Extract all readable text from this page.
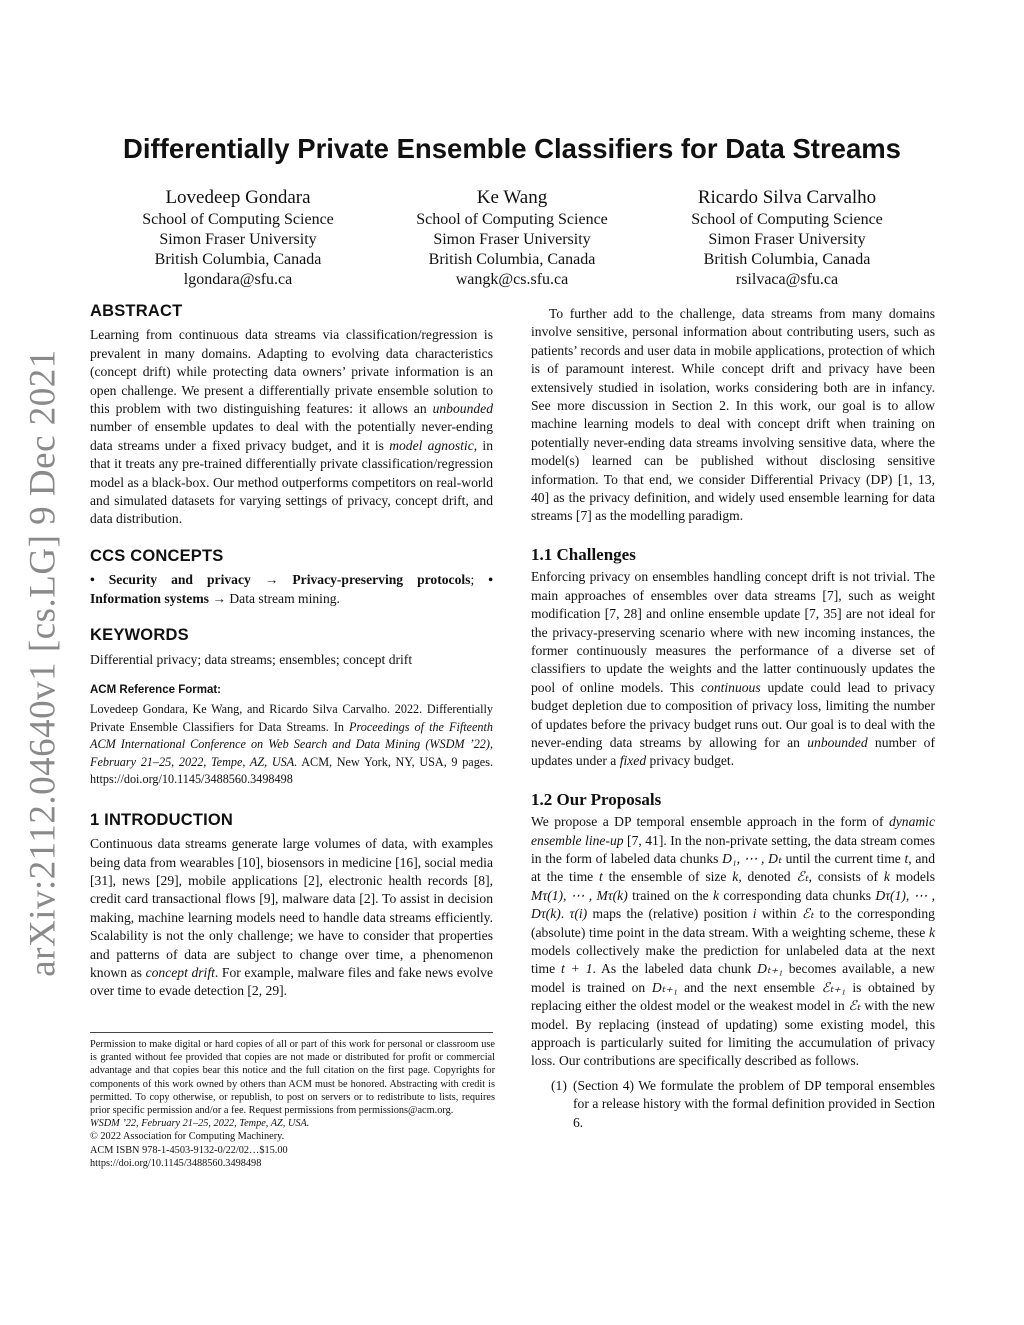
arXiv:2112.04640v1 [cs.LG] 9 Dec 2021
Differentially Private Ensemble Classifiers for Data Streams
Lovedeep Gondara
School of Computing Science
Simon Fraser University
British Columbia, Canada
lgondara@sfu.ca
Ke Wang
School of Computing Science
Simon Fraser University
British Columbia, Canada
wangk@cs.sfu.ca
Ricardo Silva Carvalho
School of Computing Science
Simon Fraser University
British Columbia, Canada
rsilvaca@sfu.ca

ABSTRACT

Learning from continuous data streams via classification/regression is prevalent in many domains. Adapting to evolving data characteristics (concept drift) while protecting data owners’ private information is an open challenge. We present a differentially private ensemble solution to this problem with two distinguishing features: it allows an unbounded number of ensemble updates to deal with the potentially never-ending data streams under a fixed privacy budget, and it is model agnostic, in that it treats any pre-trained differentially private classification/regression model as a black-box. Our method outperforms competitors on real-world and simulated datasets for varying settings of privacy, concept drift, and data distribution.

CCS CONCEPTS

• Security and privacy → Privacy-preserving protocols; • Information systems → Data stream mining.

KEYWORDS

Differential privacy; data streams; ensembles; concept drift

ACM Reference Format:

Lovedeep Gondara, Ke Wang, and Ricardo Silva Carvalho. 2022. Differentially Private Ensemble Classifiers for Data Streams. In Proceedings of the Fifteenth ACM International Conference on Web Search and Data Mining (WSDM ’22), February 21–25, 2022, Tempe, AZ, USA. ACM, New York, NY, USA, 9 pages. https://doi.org/10.1145/3488560.3498498

1 INTRODUCTION

Continuous data streams generate large volumes of data, with examples being data from wearables [10], biosensors in medicine [16], social media [31], news [29], mobile applications [2], electronic health records [8], credit card transactional flows [9], malware data [2]. To assist in decision making, machine learning models need to handle data streams efficiently. Scalability is not the only challenge; we have to consider that properties and patterns of data are subject to change over time, a phenomenon known as concept drift. For example, malware files and fake news evolve over time to evade detection [2, 29].

Permission to make digital or hard copies of all or part of this work for personal or classroom use is granted without fee provided that copies are not made or distributed for profit or commercial advantage and that copies bear this notice and the full citation on the first page. Copyrights for components of this work owned by others than ACM must be honored. Abstracting with credit is permitted. To copy otherwise, or republish, to post on servers or to redistribute to lists, requires prior specific permission and/or a fee. Request permissions from permissions@acm.org.
WSDM ’22, February 21–25, 2022, Tempe, AZ, USA.
© 2022 Association for Computing Machinery.
ACM ISBN 978-1-4503-9132-0/22/02…$15.00
https://doi.org/10.1145/3488560.3498498

To further add to the challenge, data streams from many domains involve sensitive, personal information about contributing users, such as patients’ records and user data in mobile applications, protection of which is of paramount interest. While concept drift and privacy have been extensively studied in isolation, works considering both are in infancy. See more discussion in Section 2. In this work, our goal is to allow machine learning models to deal with concept drift when training on potentially never-ending data streams involving sensitive data, where the model(s) learned can be published without disclosing sensitive information. To that end, we consider Differential Privacy (DP) [1, 13, 40] as the privacy definition, and widely used ensemble learning for data streams [7] as the modelling paradigm.

1.1 Challenges

Enforcing privacy on ensembles handling concept drift is not trivial. The main approaches of ensembles over data streams [7], such as weight modification [7, 28] and online ensemble update [7, 35] are not ideal for the privacy-preserving scenario where with new incoming instances, the former continuously measures the performance of a diverse set of classifiers to update the weights and the latter continuously updates the pool of online models. This continuous update could lead to privacy budget depletion due to composition of privacy loss, limiting the number of updates before the privacy budget runs out. Our goal is to deal with the never-ending data streams by allowing for an unbounded number of updates under a fixed privacy budget.

1.2 Our Proposals

We propose a DP temporal ensemble approach in the form of dynamic ensemble line-up [7, 41]. In the non-private setting, the data stream comes in the form of labeled data chunks D₁, ⋯ , Dₜ until the current time t, and at the time t the ensemble of size k, denoted ℰₜ, consists of k models Mτ(1), ⋯ , Mτ(k) trained on the k corresponding data chunks Dτ(1), ⋯ , Dτ(k). τ(i) maps the (relative) position i within ℰₜ to the corresponding (absolute) time point in the data stream. With a weighting scheme, these k models collectively make the prediction for unlabeled data at the next time t + 1. As the labeled data chunk Dₜ₊₁ becomes available, a new model is trained on Dₜ₊₁ and the next ensemble ℰₜ₊₁ is obtained by replacing either the oldest model or the weakest model in ℰₜ with the new model. By replacing (instead of updating) some existing model, this approach is particularly suited for limiting the accumulation of privacy loss. Our contributions are specifically described as follows.

(1) (Section 4) We formulate the problem of DP temporal ensembles for a release history with the formal definition provided in Section 6.
